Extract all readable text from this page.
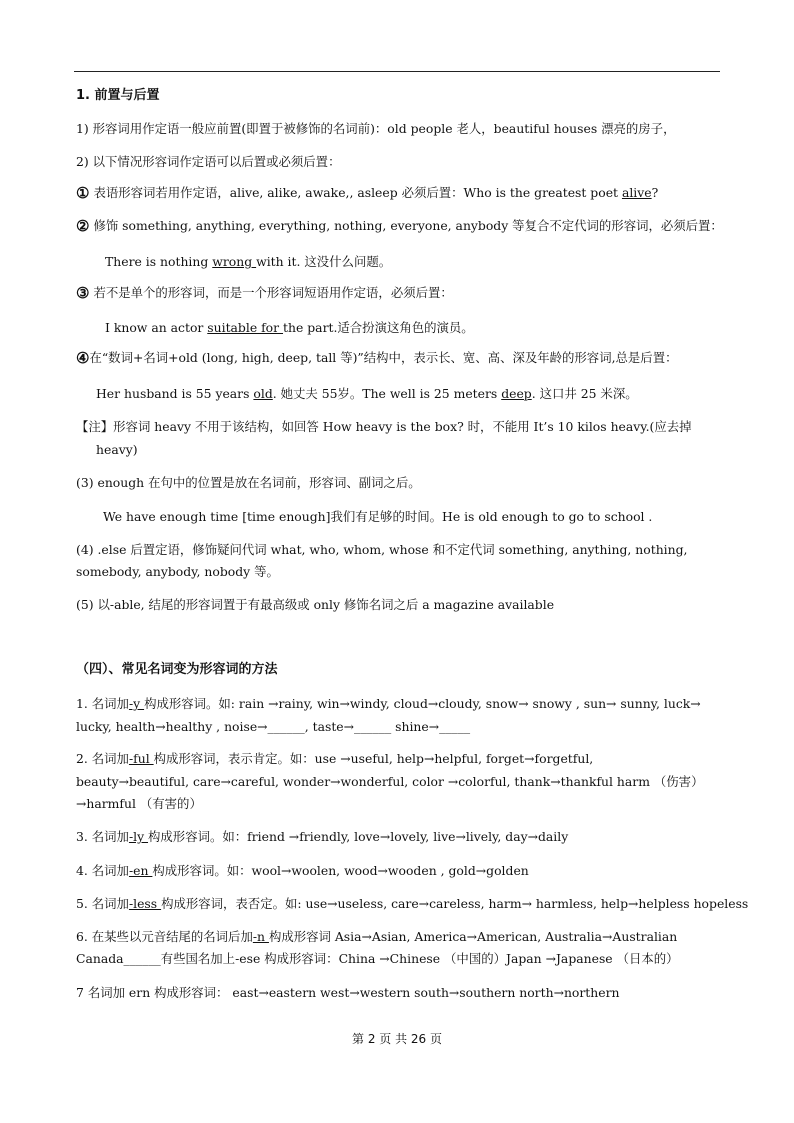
1. 前置与后置
1) 形容词用作定语一般应前置(即置于被修饰的名词前)：old people 老人，beautiful houses 漂亮的房子，
2) 以下情况形容词作定语可以后置或必须后置：
① 表语形容词若用作定语，alive, alike, awake,, asleep 必须后置：Who is the greatest poet alive?
② 修饰 something, anything, everything, nothing, everyone, anybody 等复合不定代词的形容词，必须后置：
There is nothing wrong with it. 这没什么问题。
③ 若不是单个的形容词，而是一个形容词短语用作定语，必须后置：
I know an actor suitable for the part.适合扮演这角色的演员。
④在“数词+名词+old (long, high, deep, tall 等)”结构中，表示长、宽、高、深及年龄的形容词,总是后置：
Her husband is 55 years old. 她丈夫 55岁。The well is 25 meters deep. 这口井 25 米深。
【注】形容词 heavy 不用于该结构，如回答 How heavy is the box? 时，不能用 It’s 10 kilos heavy.(应去掉
heavy)
(3) enough 在句中的位置是放在名词前，形容词、副词之后。
We have enough time [time enough]我们有足够的时间。He is old enough to go to school .
(4) .else 后置定语，修饰疑问代词 what, who, whom, whose 和不定代词 something, anything, nothing,
somebody, anybody, nobody 等。
(5) 以-able, 结尾的形容词置于有最高级或 only 修饰名词之后 a magazine available
（四）、常见名词变为形容词的方法
1. 名词加-y 构成形容词。如: rain →rainy, win→windy, cloud→cloudy, snow→ snowy , sun→ sunny, luck→
lucky, health→healthy , noise→______, taste→______ shine→_____
2. 名词加-ful 构成形容词，表示肯定。如：use →useful, help→helpful, forget→forgetful,
beauty→beautiful, care→careful, wonder→wonderful, color →colorful, thank→thankful harm （伤害）
→harmful （有害的）
3. 名词加-ly 构成形容词。如：friend →friendly, love→lovely, live→lively, day→daily
4. 名词加-en 构成形容词。如：wool→woolen, wood→wooden , gold→golden
5. 名词加-less 构成形容词，表否定。如: use→useless, care→careless, harm→ harmless, help→helpless hopeless
6. 在某些以元音结尾的名词后加-n 构成形容词 Asia→Asian, America→American, Australia→Australian
Canada______有些国名加上-ese 构成形容词：China →Chinese （中国的）Japan →Japanese （日本的）
7 名词加 ern 构成形容词： east→eastern west→western south→southern north→northern
第 2 页 共 26 页
